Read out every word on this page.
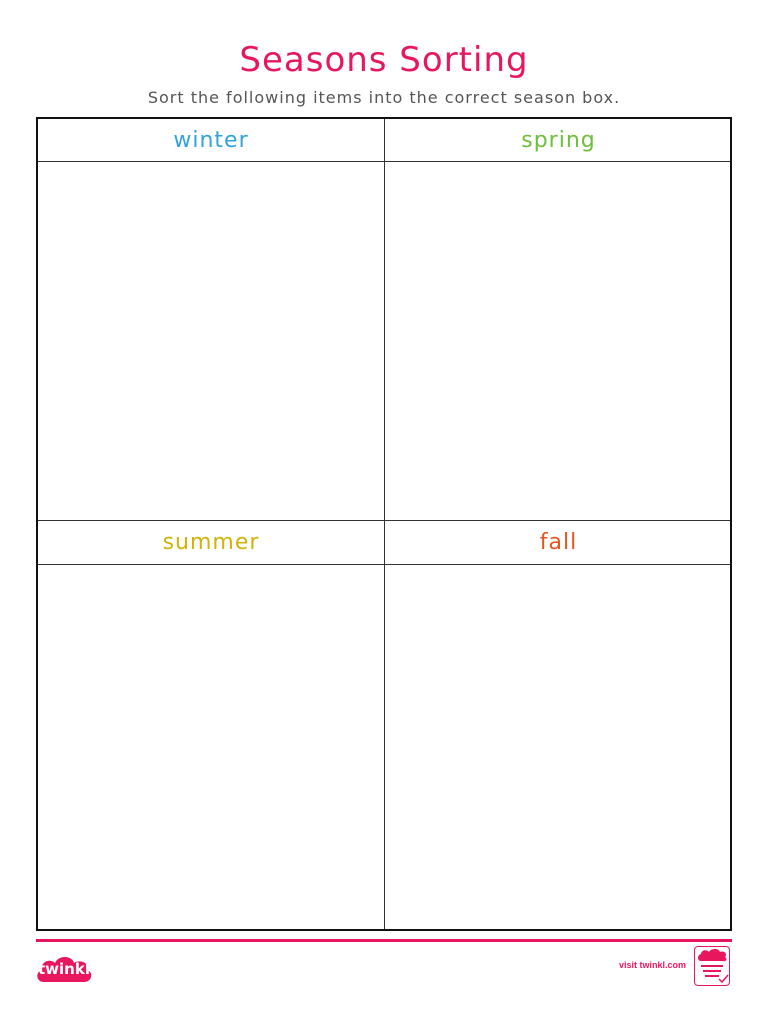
Seasons Sorting
Sort the following items into the correct season box.
winter	spring
summer	fall
twinkl	visit twinkl.com
